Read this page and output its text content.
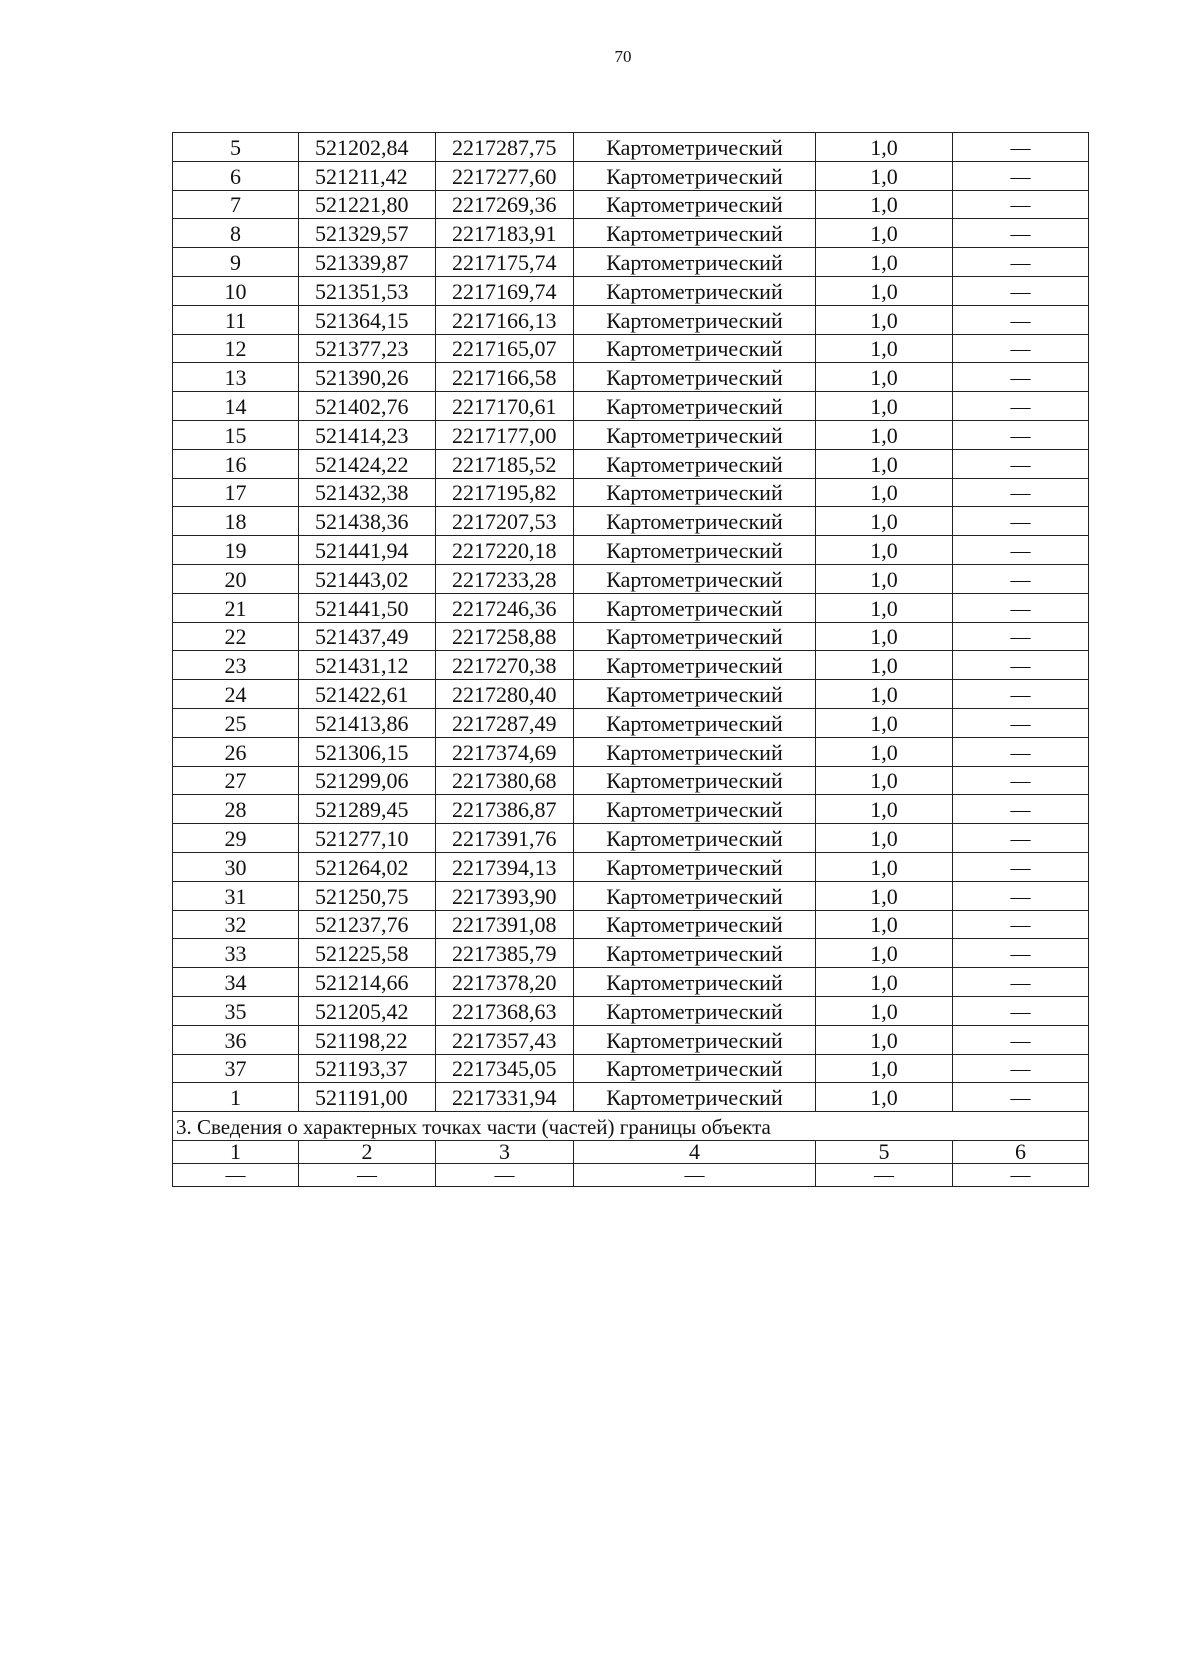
70
5	521202,84	2217287,75	Картометрический	1,0	—
6	521211,42	2217277,60	Картометрический	1,0	—
7	521221,80	2217269,36	Картометрический	1,0	—
8	521329,57	2217183,91	Картометрический	1,0	—
9	521339,87	2217175,74	Картометрический	1,0	—
10	521351,53	2217169,74	Картометрический	1,0	—
11	521364,15	2217166,13	Картометрический	1,0	—
12	521377,23	2217165,07	Картометрический	1,0	—
13	521390,26	2217166,58	Картометрический	1,0	—
14	521402,76	2217170,61	Картометрический	1,0	—
15	521414,23	2217177,00	Картометрический	1,0	—
16	521424,22	2217185,52	Картометрический	1,0	—
17	521432,38	2217195,82	Картометрический	1,0	—
18	521438,36	2217207,53	Картометрический	1,0	—
19	521441,94	2217220,18	Картометрический	1,0	—
20	521443,02	2217233,28	Картометрический	1,0	—
21	521441,50	2217246,36	Картометрический	1,0	—
22	521437,49	2217258,88	Картометрический	1,0	—
23	521431,12	2217270,38	Картометрический	1,0	—
24	521422,61	2217280,40	Картометрический	1,0	—
25	521413,86	2217287,49	Картометрический	1,0	—
26	521306,15	2217374,69	Картометрический	1,0	—
27	521299,06	2217380,68	Картометрический	1,0	—
28	521289,45	2217386,87	Картометрический	1,0	—
29	521277,10	2217391,76	Картометрический	1,0	—
30	521264,02	2217394,13	Картометрический	1,0	—
31	521250,75	2217393,90	Картометрический	1,0	—
32	521237,76	2217391,08	Картометрический	1,0	—
33	521225,58	2217385,79	Картометрический	1,0	—
34	521214,66	2217378,20	Картометрический	1,0	—
35	521205,42	2217368,63	Картометрический	1,0	—
36	521198,22	2217357,43	Картометрический	1,0	—
37	521193,37	2217345,05	Картометрический	1,0	—
1	521191,00	2217331,94	Картометрический	1,0	—
3. Сведения о характерных точках части (частей) границы объекта					
1	2	3	4	5	6
—	—	—	—	—	—
